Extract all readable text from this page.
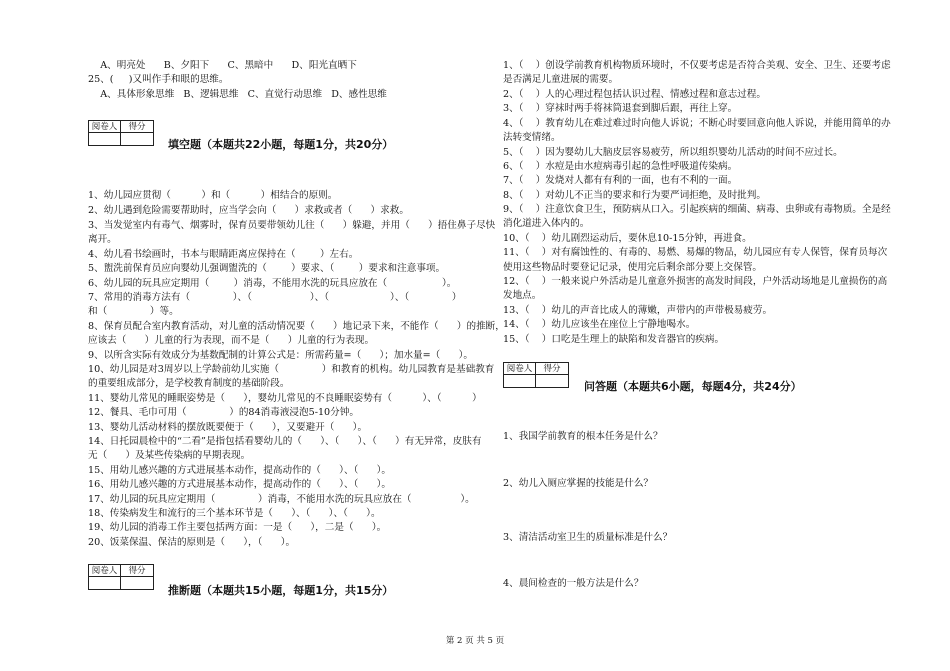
A、明亮处      B、夕阳下      C、黑暗中      D、阳光直晒下
25、(     )又叫作手和眼的思维。
A、具体形象思维   B、逻辑思维   C、直觉行动思维   D、感性思维
阅卷人	得分
填空题（本题共22小题，每题1分，共20分）
1、幼儿园应贯彻（          ）和（          ）相结合的原则。
2、幼儿遇到危险需要帮助时，应当学会向（      ）求救或者（      ）求救。
3、当发觉室内有毒气、烟雾时，保育员要带领幼儿往（      ）躲避，并用（      ）捂住鼻子尽快
离开。
4、幼儿看书绘画时，书本与眼睛距离应保持在（        ）左右。
5、盥洗前保育员应向婴幼儿强调盥洗的（        ）要求、（        ）要求和注意事项。
6、幼儿园的玩具应定期用（        ）消毒，不能用水洗的玩具应放在（                  ）。
7、常用的消毒方法有（              ）、（                   ）、（                    ）、（              ）
和（              ）等。
8、保育员配合室内教育活动，对儿童的活动情况要（      ）地记录下来，不能作（      ）的推断，
应该去（      ）儿童的行为表现，而不是（      ）儿童的行为表现。
9、以所含实际有效成分为基数配制的计算公式是：所需药量=（      ）；加水量=（      ）。
10、幼儿园是对3周岁以上学龄前幼儿实施（              ）和教育的机构。幼儿园教育是基础教育
的重要组成部分，是学校教育制度的基础阶段。
11、婴幼儿常见的睡眠姿势是（      ），婴幼儿常见的不良睡眠姿势有（          ）、（          ）
12、餐具、毛巾可用（              ）的84消毒液浸泡5-10分钟。
13、婴幼儿活动材料的摆放既要便于（      ），又要避开（      ）。
14、日托园晨检中的“二看”是指包括看婴幼儿的（      ）、（      ）、（      ）有无异常，皮肤有
无（      ）及某些传染病的早期表现。
15、用幼儿感兴趣的方式进展基本动作，提高动作的（      ）、（      ）。
16、用幼儿感兴趣的方式进展基本动作，提高动作的（      ）、（      ）。
17、幼儿园的玩具应定期用（              ）消毒，不能用水洗的玩具应放在（                ）。
18、传染病发生和流行的三个基本环节是（      ）、（      ）、（      ）。
19、幼儿园的消毒工作主要包括两方面：一是（      ），二是（      ）。
20、饭菜保温、保洁的原则是（      ），（      ）。
阅卷人	得分
推断题（本题共15小题，每题1分，共15分）
1、（    ）创设学前教育机构物质环境时，不仅要考虑是否符合美观、安全、卫生、还要考虑
是否满足儿童进展的需要。
2、（    ）人的心理过程包括认识过程、情感过程和意志过程。
3、（    ）穿袜时两手将袜筒退套到脚后跟，再往上穿。
4、（    ）教育幼儿在难过难过时向他人诉说；不断心时要回意向他人诉说，并能用简单的办
法转变情绪。
5、（    ）因为婴幼儿大脑皮层容易疲劳，所以组织婴幼儿活动的时间不应过长。
6、（    ）水痘是由水痘病毒引起的急性呼吸道传染病。
7、（    ）发烧对人都有有利的一面，也有不利的一面。
8、（    ）对幼儿不正当的要求和行为要严词拒绝，及时批判。
9、（    ）注意饮食卫生，预防病从口入。引起疾病的细菌、病毒、虫卵或有毒物质。全是经
消化道进入体内的。
10、（    ）幼儿剧烈运动后，要休息10-15分钟，再进食。
11、（    ）对有腐蚀性的、有毒的、易燃、易爆的物品，幼儿园应有专人保管，保育员每次
使用这些物品时要登记记录，使用完后剩余部分要上交保管。
12、（    ）一般来说户外活动是儿童意外损害的高发时间段，户外活动场地是儿童损伤的高
发地点。
13、（    ）幼儿的声音比成人的薄嫩，声带内的声带极易疲劳。
14、（    ）幼儿应该坐在座位上宁静地喝水。
15、（    ）口吃是生理上的缺陷和发音器官的疾病。
阅卷人	得分
问答题（本题共6小题，每题4分，共24分）
1、我国学前教育的根本任务是什么？
2、幼儿入厕应掌握的技能是什么？
3、清洁活动室卫生的质量标准是什么？
4、晨间检查的一般方法是什么？
第 2 页 共 5 页
